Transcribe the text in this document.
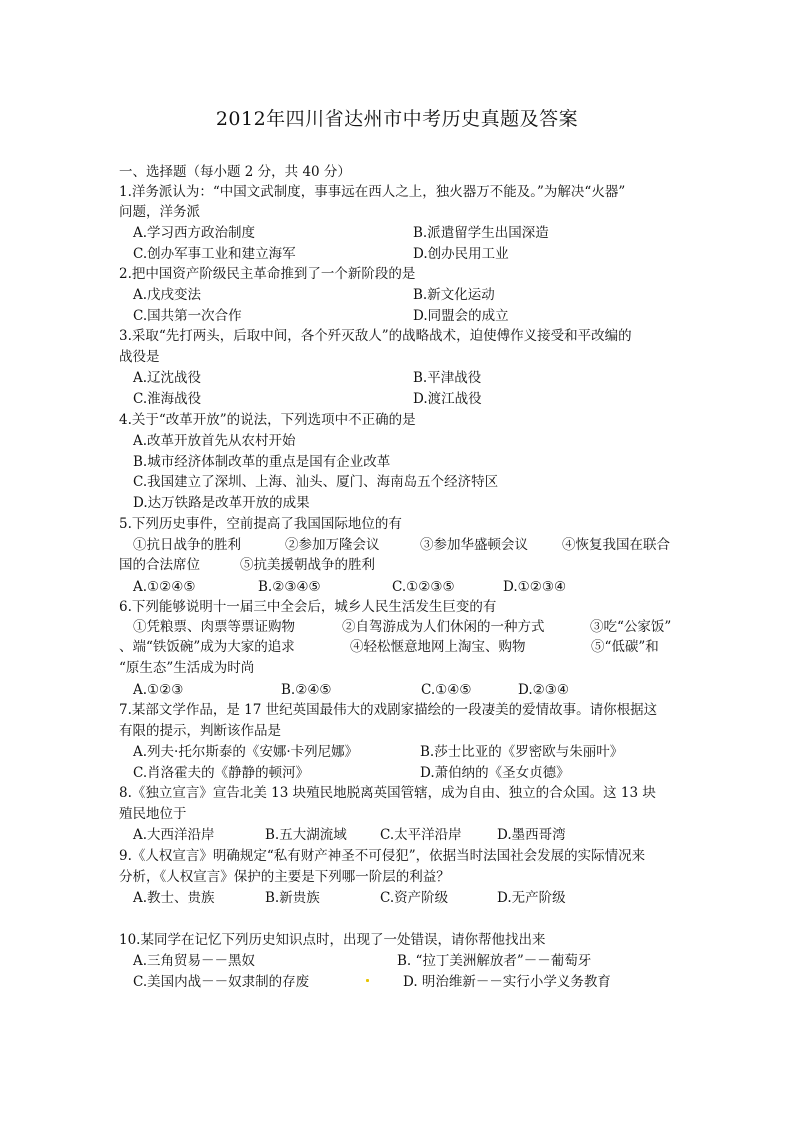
2012年四川省达州市中考历史真题及答案
一、选择题（每小题 2 分，共 40 分）
1.洋务派认为：“中国文武制度，事事远在西人之上，独火器万不能及。”为解决“火器”
问题，洋务派
A.学习西方政治制度	B.派遣留学生出国深造
C.创办军事工业和建立海军	D.创办民用工业
2.把中国资产阶级民主革命推到了一个新阶段的是
A.戊戌变法	B.新文化运动
C.国共第一次合作	D.同盟会的成立
3.采取“先打两头，后取中间，各个歼灭敌人”的战略战术，迫使傅作义接受和平改编的
战役是
A.辽沈战役	B.平津战役
C.淮海战役	D.渡江战役
4.关于“改革开放”的说法，下列选项中不正确的是
A.改革开放首先从农村开始
B.城市经济体制改革的重点是国有企业改革
C.我国建立了深圳、上海、汕头、厦门、海南岛五个经济特区
D.达万铁路是改革开放的成果
5.下列历史事件，空前提高了我国国际地位的有
①抗日战争的胜利	②参加万隆会议	③参加华盛顿会议	④恢复我国在联合
国的合法席位	⑤抗美援朝战争的胜利
A.①②④⑤	B.②③④⑤	C.①②③⑤	D.①②③④
6.下列能够说明十一届三中全会后，城乡人民生活发生巨变的有
①凭粮票、肉票等票证购物	②自驾游成为人们休闲的一种方式	③吃“公家饭”
、端“铁饭碗”成为大家的追求	④轻松惬意地网上淘宝、购物	⑤“低碳”和
“原生态”生活成为时尚
A.①②③	B.②④⑤	C.①④⑤	D.②③④
7.某部文学作品，是 17 世纪英国最伟大的戏剧家描绘的一段凄美的爱情故事。请你根据这
有限的提示，判断该作品是
A.列夫·托尔斯泰的《安娜·卡列尼娜》	B.莎士比亚的《罗密欧与朱丽叶》
C.肖洛霍夫的《静静的顿河》	D.萧伯纳的《圣女贞德》
8.《独立宣言》宣告北美 13 块殖民地脱离英国管辖，成为自由、独立的合众国。这 13 块
殖民地位于
A.大西洋沿岸	B.五大湖流域 C.太平洋沿岸	D.墨西哥湾
9.《人权宣言》明确规定“私有财产神圣不可侵犯”，依据当时法国社会发展的实际情况来
分析，《人权宣言》保护的主要是下列哪一阶层的利益？
A.教士、贵族	B.新贵族	C.资产阶级	D.无产阶级
10.某同学在记忆下列历史知识点时，出现了一处错误，请你帮他找出来
A.三角贸易－－黑奴	B. “拉丁美洲解放者”－－葡萄牙
C.美国内战－－奴隶制的存废	D. 明治维新－－实行小学义务教育
